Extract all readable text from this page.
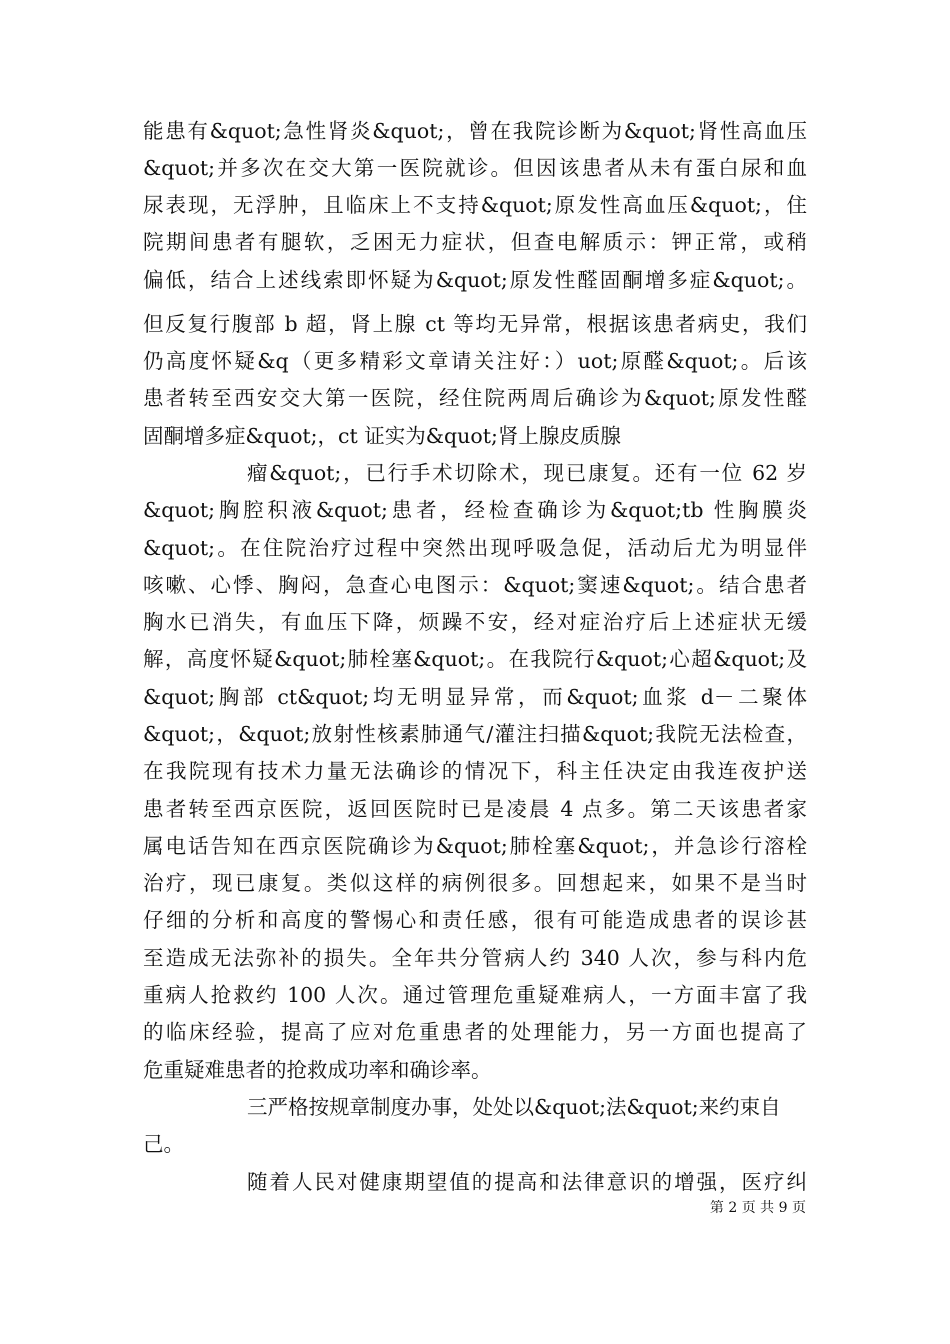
能患有&quot;急性肾炎&quot;，曾在我院诊断为&quot;肾性高血压
&quot;并多次在交大第一医院就诊。但因该患者从未有蛋白尿和血
尿表现，无浮肿，且临床上不支持&quot;原发性高血压&quot;，住
院期间患者有腿软，乏困无力症状，但查电解质示：钾正常，或稍
偏低，结合上述线索即怀疑为&quot;原发性醛固酮增多症&quot;。
但反复行腹部 b 超，肾上腺 ct 等均无异常，根据该患者病史，我们
仍高度怀疑&q（更多精彩文章请关注好：）uot;原醛&quot;。后该
患者转至西安交大第一医院，经住院两周后确诊为&quot;原发性醛
固酮增多症&quot;，ct 证实为&quot;肾上腺皮质腺
瘤&quot;，已行手术切除术，现已康复。还有一位 62 岁
&quot;胸腔积液&quot;患者，经检查确诊为&quot;tb 性胸膜炎
&quot;。在住院治疗过程中突然出现呼吸急促，活动后尤为明显伴
咳嗽、心悸、胸闷，急查心电图示：&quot;窦速&quot;。结合患者
胸水已消失，有血压下降，烦躁不安，经对症治疗后上述症状无缓
解，高度怀疑&quot;肺栓塞&quot;。在我院行&quot;心超&quot;及
&quot;胸部 ct&quot;均无明显异常，而&quot;血浆 d－二聚体
&quot;，&quot;放射性核素肺通气/灌注扫描&quot;我院无法检查，
在我院现有技术力量无法确诊的情况下，科主任决定由我连夜护送
患者转至西京医院，返回医院时已是凌晨 4 点多。第二天该患者家
属电话告知在西京医院确诊为&quot;肺栓塞&quot;，并急诊行溶栓
治疗，现已康复。类似这样的病例很多。回想起来，如果不是当时
仔细的分析和高度的警惕心和责任感，很有可能造成患者的误诊甚
至造成无法弥补的损失。全年共分管病人约 340 人次，参与科内危
重病人抢救约 100 人次。通过管理危重疑难病人，一方面丰富了我
的临床经验，提高了应对危重患者的处理能力，另一方面也提高了
危重疑难患者的抢救成功率和确诊率。
三严格按规章制度办事，处处以&quot;法&quot;来约束自
己。
随着人民对健康期望值的提高和法律意识的增强，医疗纠
第 2 页 共 9 页
